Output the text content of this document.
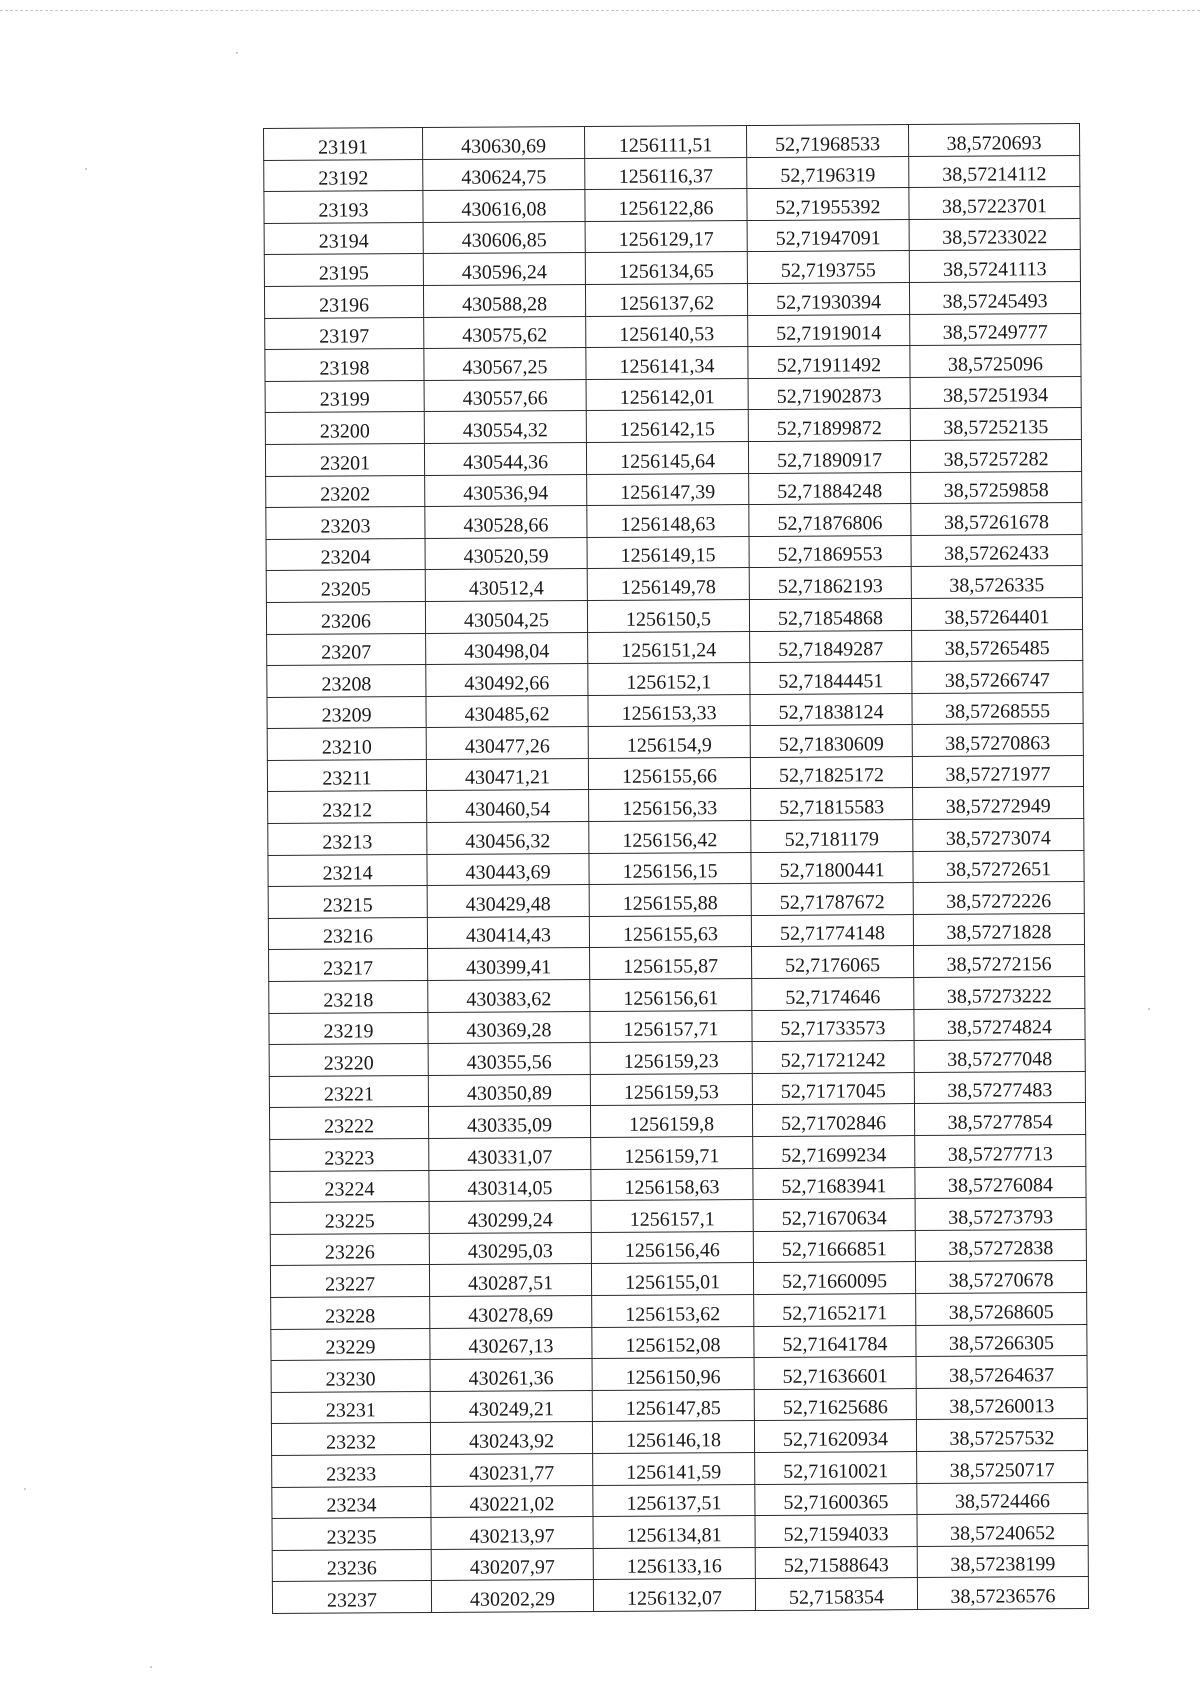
23191	430630,69	1256111,51	52,71968533	38,5720693
23192	430624,75	1256116,37	52,7196319	38,57214112
23193	430616,08	1256122,86	52,71955392	38,57223701
23194	430606,85	1256129,17	52,71947091	38,57233022
23195	430596,24	1256134,65	52,7193755	38,57241113
23196	430588,28	1256137,62	52,71930394	38,57245493
23197	430575,62	1256140,53	52,71919014	38,57249777
23198	430567,25	1256141,34	52,71911492	38,5725096
23199	430557,66	1256142,01	52,71902873	38,57251934
23200	430554,32	1256142,15	52,71899872	38,57252135
23201	430544,36	1256145,64	52,71890917	38,57257282
23202	430536,94	1256147,39	52,71884248	38,57259858
23203	430528,66	1256148,63	52,71876806	38,57261678
23204	430520,59	1256149,15	52,71869553	38,57262433
23205	430512,4	1256149,78	52,71862193	38,5726335
23206	430504,25	1256150,5	52,71854868	38,57264401
23207	430498,04	1256151,24	52,71849287	38,57265485
23208	430492,66	1256152,1	52,71844451	38,57266747
23209	430485,62	1256153,33	52,71838124	38,57268555
23210	430477,26	1256154,9	52,71830609	38,57270863
23211	430471,21	1256155,66	52,71825172	38,57271977
23212	430460,54	1256156,33	52,71815583	38,57272949
23213	430456,32	1256156,42	52,7181179	38,57273074
23214	430443,69	1256156,15	52,71800441	38,57272651
23215	430429,48	1256155,88	52,71787672	38,57272226
23216	430414,43	1256155,63	52,71774148	38,57271828
23217	430399,41	1256155,87	52,7176065	38,57272156
23218	430383,62	1256156,61	52,7174646	38,57273222
23219	430369,28	1256157,71	52,71733573	38,57274824
23220	430355,56	1256159,23	52,71721242	38,57277048
23221	430350,89	1256159,53	52,71717045	38,57277483
23222	430335,09	1256159,8	52,71702846	38,57277854
23223	430331,07	1256159,71	52,71699234	38,57277713
23224	430314,05	1256158,63	52,71683941	38,57276084
23225	430299,24	1256157,1	52,71670634	38,57273793
23226	430295,03	1256156,46	52,71666851	38,57272838
23227	430287,51	1256155,01	52,71660095	38,57270678
23228	430278,69	1256153,62	52,71652171	38,57268605
23229	430267,13	1256152,08	52,71641784	38,57266305
23230	430261,36	1256150,96	52,71636601	38,57264637
23231	430249,21	1256147,85	52,71625686	38,57260013
23232	430243,92	1256146,18	52,71620934	38,57257532
23233	430231,77	1256141,59	52,71610021	38,57250717
23234	430221,02	1256137,51	52,71600365	38,5724466
23235	430213,97	1256134,81	52,71594033	38,57240652
23236	430207,97	1256133,16	52,71588643	38,57238199
23237	430202,29	1256132,07	52,7158354	38,57236576
